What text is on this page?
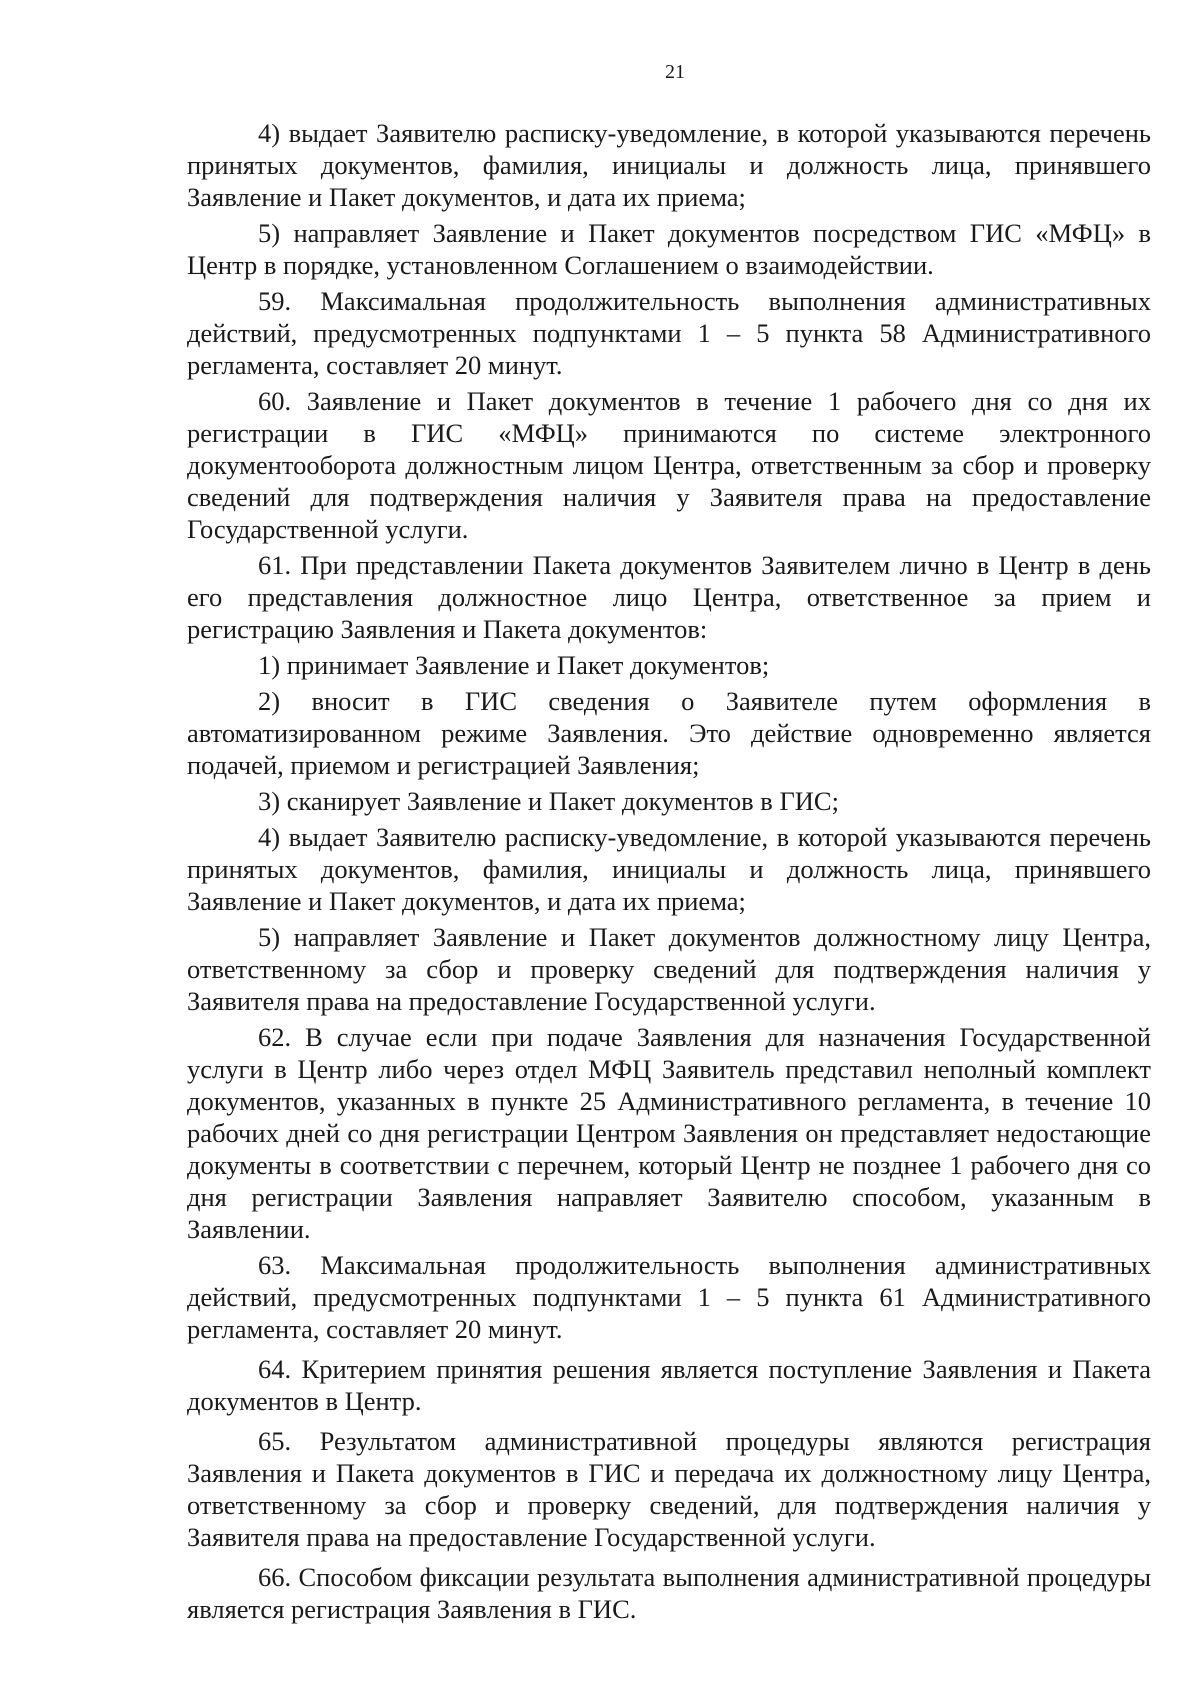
21

4) выдает Заявителю расписку-уведомление, в которой указываются перечень принятых документов, фамилия, инициалы и должность лица, принявшего Заявление и Пакет документов, и дата их приема;

5) направляет Заявление и Пакет документов посредством ГИС «МФЦ» в Центр в порядке, установленном Соглашением о взаимодействии.

59. Максимальная продолжительность выполнения административных действий, предусмотренных подпунктами 1 – 5 пункта 58 Административного регламента, составляет 20 минут.

60. Заявление и Пакет документов в течение 1 рабочего дня со дня их регистрации в ГИС «МФЦ» принимаются по системе электронного документооборота должностным лицом Центра, ответственным за сбор и проверку сведений для подтверждения наличия у Заявителя права на предоставление Государственной услуги.

61. При представлении Пакета документов Заявителем лично в Центр в день его представления должностное лицо Центра, ответственное за прием и регистрацию Заявления и Пакета документов:

1) принимает Заявление и Пакет документов;

2) вносит в ГИС сведения о Заявителе путем оформления в автоматизированном режиме Заявления. Это действие одновременно является подачей, приемом и регистрацией Заявления;

3) сканирует Заявление и Пакет документов в ГИС;

4) выдает Заявителю расписку-уведомление, в которой указываются перечень принятых документов, фамилия, инициалы и должность лица, принявшего Заявление и Пакет документов, и дата их приема;

5) направляет Заявление и Пакет документов должностному лицу Центра, ответственному за сбор и проверку сведений для подтверждения наличия у Заявителя права на предоставление Государственной услуги.

62. В случае если при подаче Заявления для назначения Государственной услуги в Центр либо через отдел МФЦ Заявитель представил неполный комплект документов, указанных в пункте 25 Административного регламента, в течение 10 рабочих дней со дня регистрации Центром Заявления он представляет недостающие документы в соответствии с перечнем, который Центр не позднее 1 рабочего дня со дня регистрации Заявления направляет Заявителю способом, указанным в Заявлении.

63. Максимальная продолжительность выполнения административных действий, предусмотренных подпунктами 1 – 5 пункта 61 Административного регламента, составляет 20 минут.

64. Критерием принятия решения является поступление Заявления и Пакета документов в Центр.

65. Результатом административной процедуры являются регистрация Заявления и Пакета документов в ГИС и передача их должностному лицу Центра, ответственному за сбор и проверку сведений, для подтверждения наличия у Заявителя права на предоставление Государственной услуги.

66. Способом фиксации результата выполнения административной процедуры является регистрация Заявления в ГИС.
